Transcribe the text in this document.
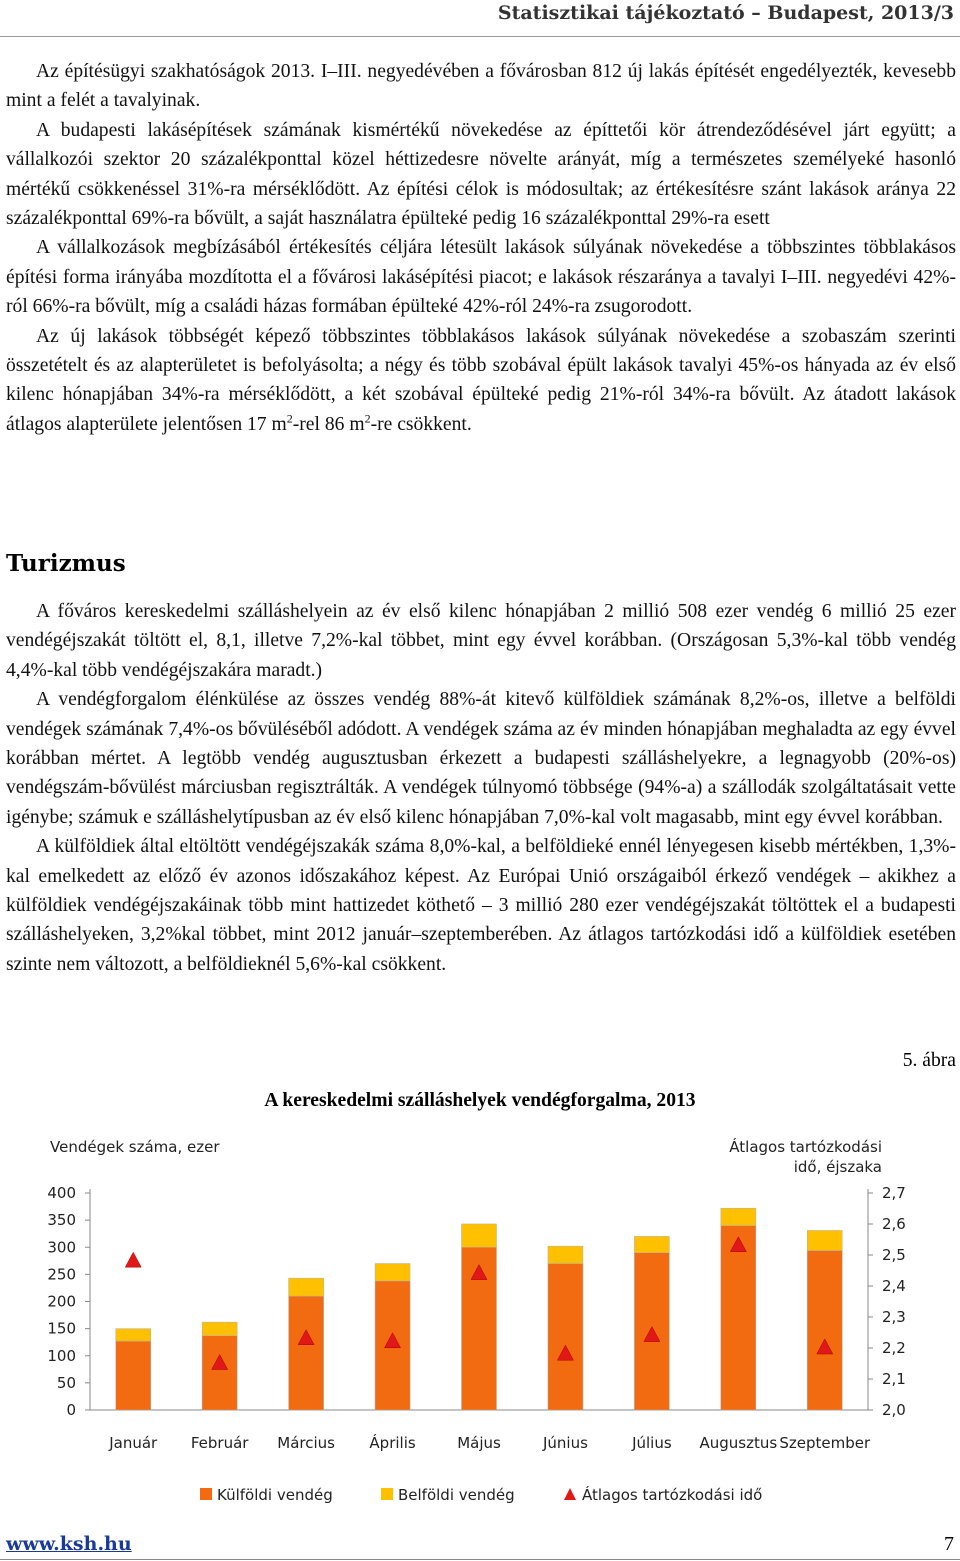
Statisztikai tájékoztató – Budapest, 2013/3

Az építésügyi szakhatóságok 2013. I–III. negyedévében a fővárosban 812 új lakás építését engedélyezték, kevesebb mint a felét a tavalyinak.

A budapesti lakásépítések számának kismértékű növekedése az építtetői kör átrendeződésével járt együtt; a vállalkozói szektor 20 százalékponttal közel héttizedesre növelte arányát, míg a természetes személyeké hasonló mértékű csökkenéssel 31%-ra mérséklődött. Az építési célok is módosultak; az értékesítésre szánt lakások aránya 22 százalékponttal 69%-ra bővült, a saját használatra épülteké pedig 16 százalékponttal 29%-ra esett

A vállalkozások megbízásából értékesítés céljára létesült lakások súlyának növekedése a többszintes többlakásos építési forma irányába mozdította el a fővárosi lakásépítési piacot; e lakások részaránya a tavalyi I–III. negyedévi 42%-ról 66%-ra bővült, míg a családi házas formában épülteké 42%-ról 24%-ra zsugorodott.

Az új lakások többségét képező többszintes többlakásos lakások súlyának növekedése a szobaszám szerinti összetételt és az alapterületet is befolyásolta; a négy és több szobával épült lakások tavalyi 45%-os hányada az év első kilenc hónapjában 34%-ra mérséklődött, a két szobával épülteké pedig 21%-ról 34%-ra bővült. Az átadott lakások átlagos alapterülete jelentősen 17 $m^2$-rel 86 $m^2-re$ csökkent.

Turizmus

A főváros kereskedelmi szálláshelyein az év első kilenc hónapjában 2 millió 508 ezer vendég 6 millió 25 ezer vendégéjszakát töltött el, 8,1, illetve 7,2%-kal többet, mint egy évvel korábban. (Országosan 5,3%-kal több vendég 4,4%-kal több vendégéjszakára maradt.)

A vendégforgalom élénkülése az összes vendég 88%-át kitevő külföldiek számának 8,2%-os, illetve a belföldi vendégek számának 7,4%-os bővüléséből adódott. A vendégek száma az év minden hónapjában meghaladta az egy évvel korábban mértet. A legtöbb vendég augusztusban érkezett a budapesti szálláshelyekre, a legnagyobb (20%-os) vendégszám-bővülést márciusban regisztrálták. A vendégek túlnyomó többsége (94%-a) a szállodák szolgáltatásait vette igénybe; számuk e szálláshelytípusban az év első kilenc hónapjában 7,0%-kal volt magasabb, mint egy évvel korábban.

A külföldiek által eltöltött vendégéjszakák száma 8,0%-kal, a belföldieké ennél lényegesen kisebb mértékben, 1,3%-kal emelkedett az előző év azonos időszakához képest. Az Európai Unió országaiból érkező vendégek – akikhez a külföldiek vendégéjszakáinak több mint hattizedet köthető – 3 millió 280 ezer vendégéjszakát töltöttek el a budapesti szálláshelyeken, 3,2%kal többet, mint 2012 január–szeptemberében. Az átlagos tartózkodási idő a külföldiek esetében szinte nem változott, a belföldieknél 5,6%-kal csökkent.

5. ábra
A kereskedelmi szálláshelyek vendégforgalma, 2013
Vendégek száma, ezer	Átlagos tartózkodási
idő, éjszaka
0
50
100
150
200
250
300
350
400
2,0
2,1
2,2
2,3
2,4
2,5
2,6
2,7
Január Február Március Április	Május	Június	Július Augusztus Szeptember
Külföldi vendég	Belföldi vendég	Átlagos tartózkodási idő
www.ksh.hu	7
